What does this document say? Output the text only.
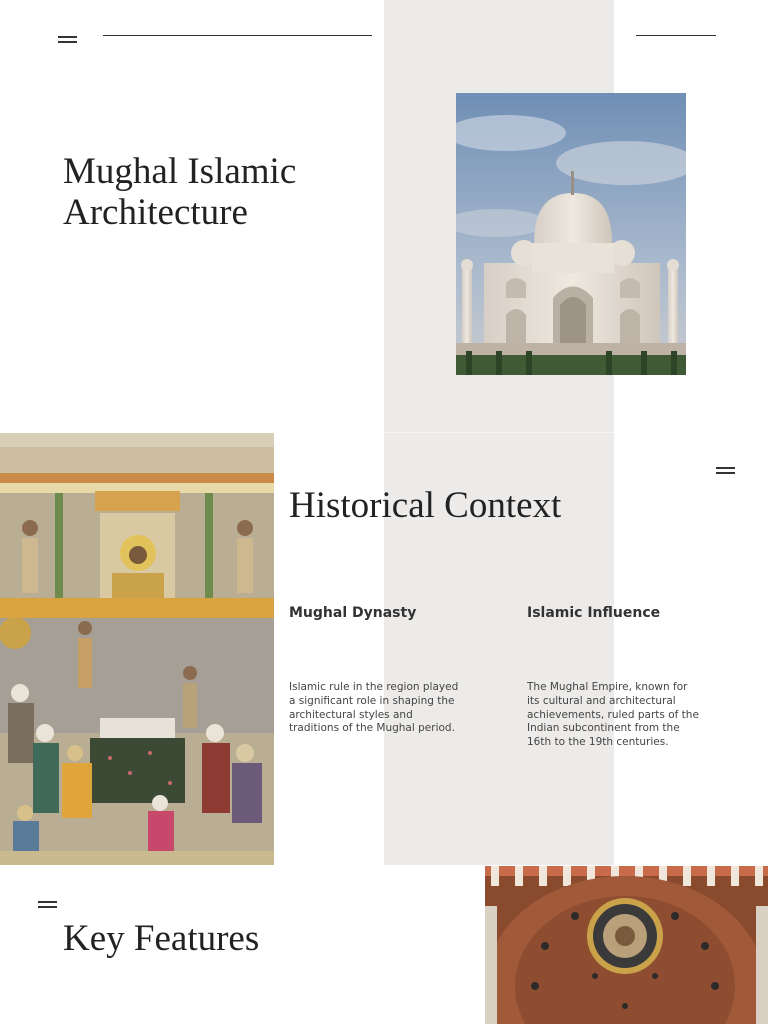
Mughal Islamic
Architecture
Historical Context
Mughal Dynasty
Islamic rule in the region played
a significant role in shaping the
architectural styles and
traditions of the Mughal period.
Islamic Influence
The Mughal Empire, known for
its cultural and architectural
achievements, ruled parts of the
Indian subcontinent from the
16th to the 19th centuries.
Key Features
